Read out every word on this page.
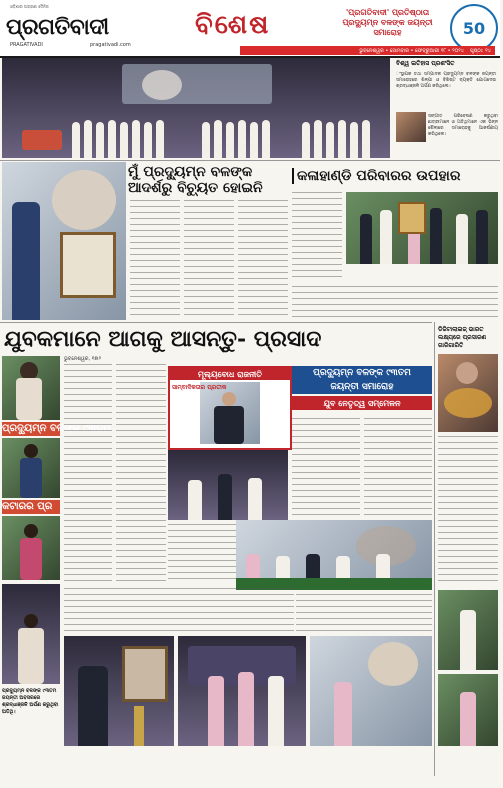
ଓଡ଼ିଶାର ଅଗ୍ରଣୀ ଦୈନିକ
ପ୍ରଗତିବାଦୀ
PRAGATIVADI	pragativadi.com
ବିଶେଷ	'ପ୍ରଗତିବାଦୀ' ପ୍ରତିଷ୍ଠାତା ପ୍ରଦ୍ୟୁମ୍ନ ବଳଙ୍କ ଜୟନ୍ତୀ ସମାରୋହ	50
ଭୁବନେଶ୍ୱର • ସୋମବାର • ଫେବ୍ରୁଆରୀ ୧୮ • ୨୦୨୪ ପୃଷ୍ଠା: ୧୪
ବିଶ୍ୱ ଇତିହାସ ପ୍ରଶଂସିତ
ଂସ୍ଥାପକ ତଥା ସମ୍ପାଦକ ପ୍ରଦ୍ୟୁମ୍ନ ବଳଙ୍କ ଜୟନ୍ତୀ ସମାରୋହରେ ଶିଳ୍ପୀ ଓ ବିଶିଷ୍ଟ ବ୍ୟକ୍ତି ଯୋଗଦେଇ ଶ୍ରଦ୍ଧାଞ୍ଜଳି ଅର୍ପଣ କରିଥିଲେ।
ସଙ୍ଗୀତ ପରିବେଷଣ କରୁଥିବା ଛାତ୍ରୀମାନେ ଓ ଅତିଥିମାନେ ଏକ ଭିନ୍ନ ଶୈଳୀରେ ସମାରୋହକୁ ଆକର୍ଷଣୀୟ କରିଥିଲେ।
ମୁଁ ପ୍ରଦ୍ୟୁମ୍ନ ବଳଙ୍କ
ଆଦର୍ଶରୁ ବିଚ୍ୟୁତ ହୋଇନି
କଳାହାଣ୍ଡି ପରିବାରର ଉପହାର
ଯୁବକମାନେ ଆଗକୁ ଆସନ୍ତୁ- ପ୍ରସାଦ
ଭୁବନେଶ୍ୱର, ୧୭ା୨
ପ୍ରଦ୍ୟୁମ୍ନ ବଳଙ୍କ ୯୩ତମ
କଟାରର ପ୍ର
ମୂଲ୍ୟବୋଧ ରାଜନୀତି
ସାମ୍ବାଦିକତାର ପ୍ରତୀକ
ପ୍ରଦ୍ୟୁମ୍ନ ବଳଙ୍କ ୯୩ତମ
ଜୟନ୍ତୀ ସମାରୋହ
ଯୁବ ନେତୃତ୍ୱ ସମ୍ମେଳନ
ପ୍ରଦ୍ୟୁମ୍ନ ବଳଙ୍କ ୯୩ତମ ଜୟନ୍ତୀ ଅବସରରେ ଶ୍ରଦ୍ଧାଞ୍ଜଳି ଅର୍ପଣ କରୁଥିବା ଅତିଥି।
ଡିଜିଟାଲାଇଜ୍ ଭାରତ ଲକ୍ଷ୍ୟରେ ପ୍ରସାରଣ ଗାରିଗାରିତି
